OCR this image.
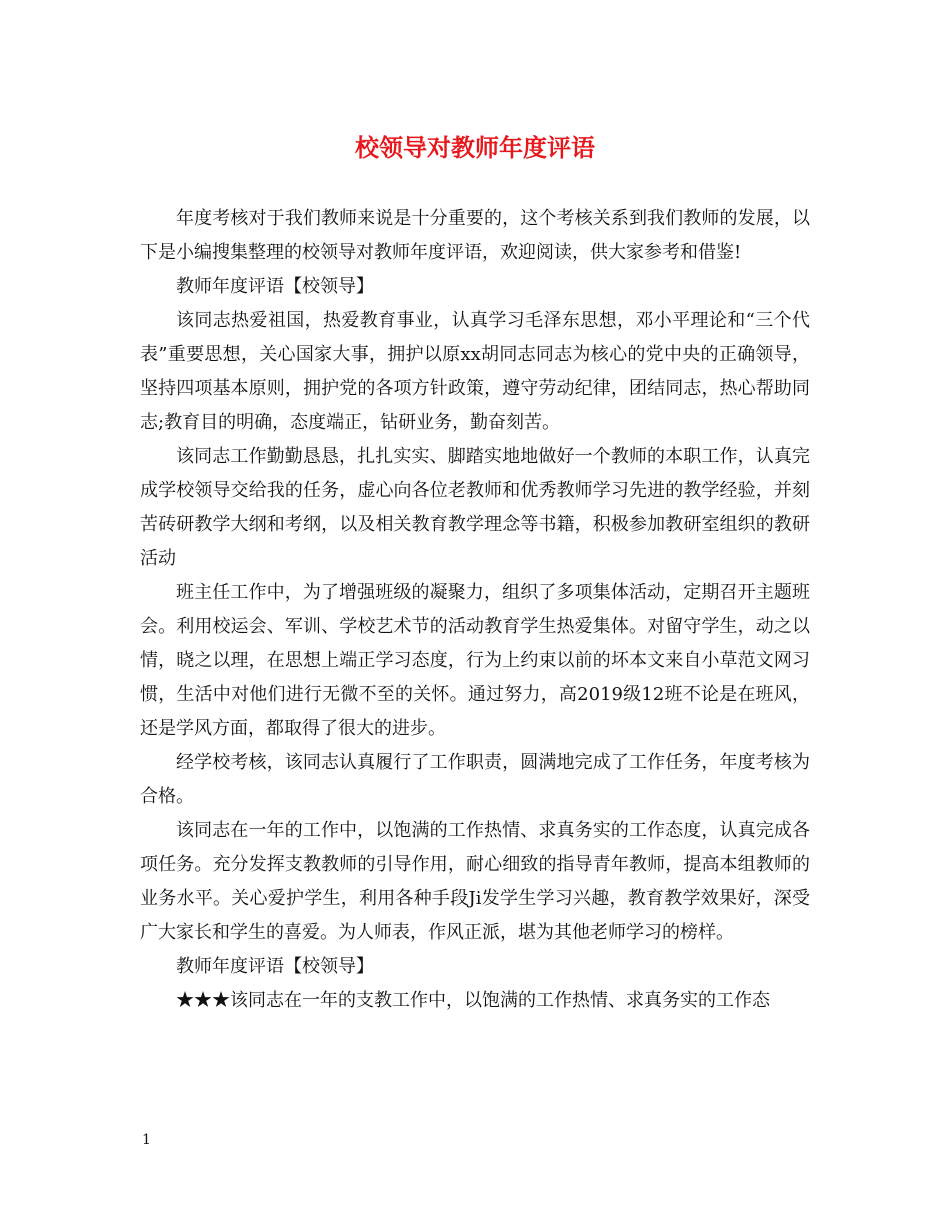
校领导对教师年度评语

年度考核对于我们教师来说是十分重要的，这个考核关系到我们教师的发展，以下是小编搜集整理的校领导对教师年度评语，欢迎阅读，供大家参考和借鉴!

教师年度评语【校领导】

该同志热爱祖国，热爱教育事业，认真学习毛泽东思想，邓小平理论和“三个代表”重要思想，关心国家大事，拥护以原xx胡同志同志为核心的党中央的正确领导，坚持四项基本原则，拥护党的各项方针政策，遵守劳动纪律，团结同志，热心帮助同志;教育目的明确，态度端正，钻研业务，勤奋刻苦。

该同志工作勤勤恳恳，扎扎实实、脚踏实地地做好一个教师的本职工作，认真完成学校领导交给我的任务，虚心向各位老教师和优秀教师学习先进的教学经验，并刻苦砖研教学大纲和考纲，以及相关教育教学理念等书籍，积极参加教研室组织的教研活动

班主任工作中，为了增强班级的凝聚力，组织了多项集体活动，定期召开主题班会。利用校运会、军训、学校艺术节的活动教育学生热爱集体。对留守学生，动之以情，晓之以理，在思想上端正学习态度，行为上约束以前的坏本文来自小草范文网习惯，生活中对他们进行无微不至的关怀。通过努力，高2019级12班不论是在班风，还是学风方面，都取得了很大的进步。

经学校考核，该同志认真履行了工作职责，圆满地完成了工作任务，年度考核为合格。

该同志在一年的工作中，以饱满的工作热情、求真务实的工作态度，认真完成各项任务。充分发挥支教教师的引导作用，耐心细致的指导青年教师，提高本组教师的业务水平。关心爱护学生，利用各种手段Ji发学生学习兴趣，教育教学效果好，深受广大家长和学生的喜爱。为人师表，作风正派，堪为其他老师学习的榜样。

教师年度评语【校领导】

★★★该同志在一年的支教工作中，以饱满的工作热情、求真务实的工作态

1
